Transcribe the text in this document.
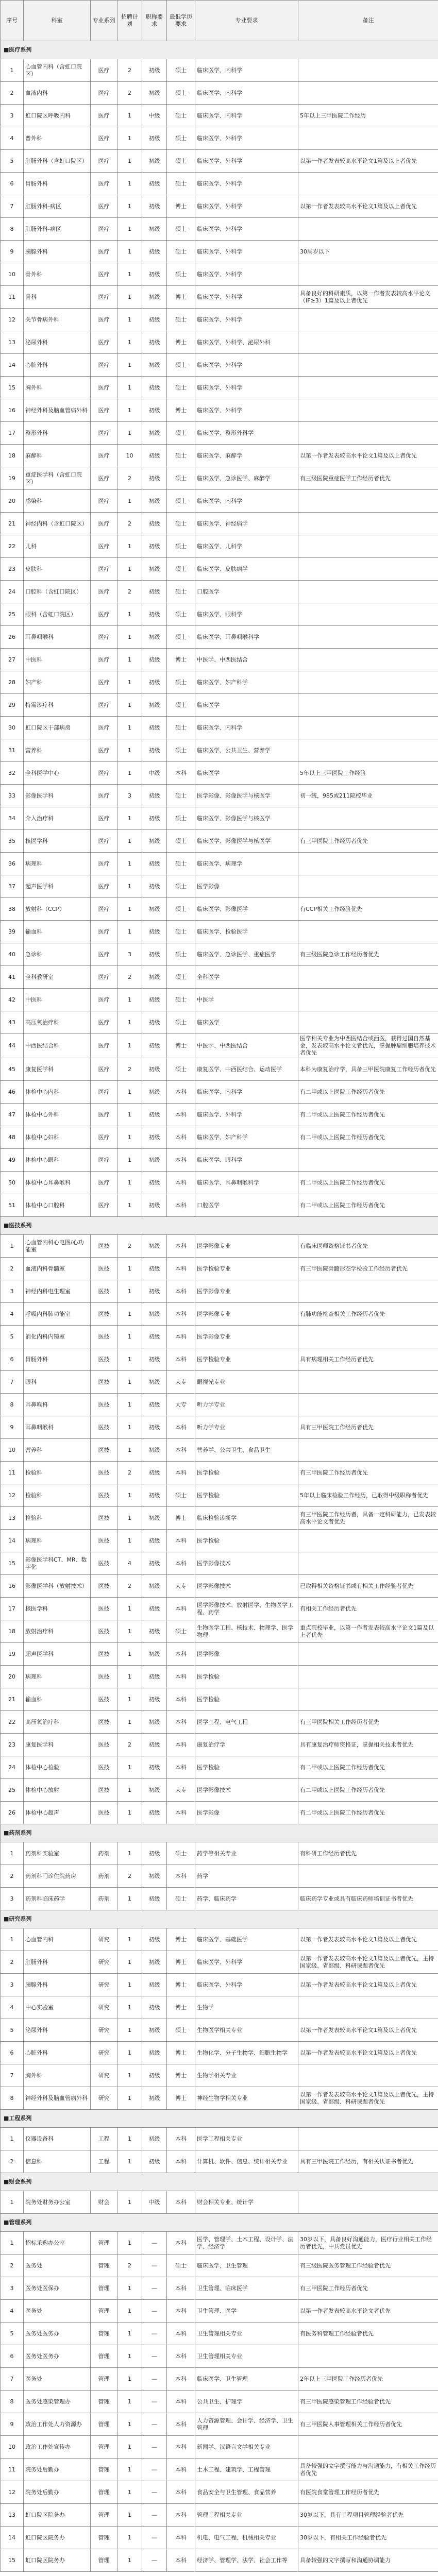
序号	科室	专业系列	招聘计划	职称要求	最低学历要求	专业要求	备注
■医疗系列							
1	心血管内科（含虹口院区）	医疗	2	初级	硕士	临床医学、内科学	
2	血液内科	医疗	2	初级	硕士	临床医学、内科学	
3	虹口院区呼吸内科	医疗	1	中级	硕士	临床医学、内科学	5年以上三甲医院工作经历
4	普外科	医疗	1	初级	硕士	临床医学、外科学	
5	肛肠外科（含虹口院区）	医疗	1	初级	硕士	临床医学、外科学	以第一作者发表较高水平论文1篇及以上者优先
6	胃肠外科	医疗	1	初级	硕士	临床医学、外科学	
7	肛肠外科-病区	医疗	1	初级	博士	临床医学、外科学	以第一作者发表较高水平论文1篇及以上者优先
8	肛肠外科-病区	医疗	1	初级	硕士	临床医学、外科学	
9	胰腺外科	医疗	1	初级	硕士	临床医学、外科学	30周岁以下
10	骨外科	医疗	1	初级	硕士	临床医学、外科学	
11	骨科	医疗	1	初级	博士	临床医学、外科学	具备良好的科研素质，以第一作者发表较高水平论文（IF≥3）1篇及以上者优先
12	关节骨病外科	医疗	1	初级	硕士	临床医学、外科学	
13	泌尿外科	医疗	1	初级	博士	临床医学、外科学、泌尿外科	
14	心脏外科	医疗	1	初级	硕士	临床医学、外科学	
15	胸外科	医疗	1	初级	硕士	临床医学、外科学	
16	神经外科及脑血管病外科	医疗	1	初级	博士	临床医学、外科学	
17	整形外科	医疗	1	初级	硕士	临床医学、整形外科学	
18	麻醉科	医疗	10	初级	硕士	临床医学、麻醉学	以第一作者发表较高水平论文1篇及以上者优先
19	重症医学科（含虹口院区）	医疗	2	初级	硕士	临床医学、急诊医学、麻醉学	有三级医院重症医学工作经历者优先
20	感染科	医疗	1	初级	硕士	临床医学、内科学	
21	神经内科（含虹口院区）	医疗	2	初级	硕士	临床医学、神经病学	
22	儿科	医疗	1	初级	硕士	临床医学、儿科学	
23	皮肤科	医疗	1	初级	硕士	临床医学、皮肤病学	
24	口腔科（含虹口院区）	医疗	2	初级	硕士	口腔医学	
25	眼科（含虹口院区）	医疗	1	初级	硕士	临床医学、眼科学	
26	耳鼻咽喉科	医疗	1	初级	硕士	临床医学、耳鼻咽喉科学	
27	中医科	医疗	1	初级	博士	中医学、中西医结合	
28	妇产科	医疗	1	初级	硕士	临床医学、妇产科学	
29	特需诊疗科	医疗	1	初级	硕士	临床医学	
30	虹口院区干部病房	医疗	1	初级	硕士	临床医学、内科学	
31	营养科	医疗	1	初级	硕士	临床医学、公共卫生、营养学	
32	全科医学中心	医疗	1	中级	本科	临床医学	5年以上三甲医院工作经验
33	影像医学科	医疗	3	初级	硕士	医学影像、影像医学与核医学	初一统，985或211院校毕业
34	介入治疗科	医疗	1	初级	硕士	临床医学、影像医学与核医学	
35	核医学科	医疗	1	初级	硕士	临床医学、影像医学与核医学	有三甲医院工作经历者优先
36	病理科	医疗	1	初级	硕士	临床医学、病理学	
37	超声医学科	医疗	1	初级	硕士	医学影像	
38	放射科（CCP）	医疗	1	初级	硕士	临床医学、影像医学	有CCP相关工作经验优先
39	输血科	医疗	1	初级	硕士	临床医学、检验医学	
40	急诊科	医疗	3	初级	硕士	临床医学、急诊医学、重症医学	有三级医院急诊工作经历者优先
41	全科教研室	医疗	2	初级	硕士	全科医学	
42	中医科	医疗	1	初级	硕士	中医学	
43	高压氧治疗科	医疗	1	初级	硕士	临床医学	
44	中西医结合科	医疗	1	初级	博士	中医学、中西医结合	医学相关专业为中西医结合或西医，获得过国自然基金，发表较高水平论文者优先，掌握肿瘤细胞培养技术者优先
45	康复医学科	医疗	2	初级	硕士	康复医学、中西医结合、运动医学	本科为康复治疗学，具备三甲医院康复工作经历者优先
46	体检中心内科	医疗	1	初级	本科	临床医学、内科学	有二甲或以上医院工作经历者优先
47	体检中心外科	医疗	1	初级	本科	临床医学、外科学	有二甲或以上医院工作经历者优先
48	体检中心妇科	医疗	1	初级	本科	临床医学、妇产科学	有二甲或以上医院工作经历者优先
49	体检中心眼科	医疗	1	初级	本科	临床医学、眼科学	
50	体检中心耳鼻喉科	医疗	1	初级	本科	临床医学、耳鼻咽喉科学	有二甲或以上医院工作经历者优先
51	体检中心口腔科	医疗	1	初级	本科	口腔医学	有二甲或以上医院工作经历者优先
■医技系列							
1	心血管内科心电图/心功能室	医技	2	初级	本科	医学影像专业	有临床医师资格证书者优先
2	血液内科骨髓室	医技	1	初级	本科	医学检验专业	有三甲医院骨髓形态学检验工作经历者优先
3	神经内科电生理室	医技	1	初级	本科	医学影像专业	
4	呼吸内科肺功能室	医技	1	初级	本科	医学影像专业	有肺功能检查相关工作经历者优先
5	消化内科内镜室	医技	1	初级	本科	医学影像专业	
6	胃肠外科	医技	1	初级	本科	医学检验专业	具有病理相关工作经历者优先
7	眼科	医技	1	初级	大专	眼视光专业	
8	耳鼻喉科	医技	1	初级	大专	听力学专业	
9	耳鼻咽喉科	医技	1	初级	本科	听力学专业	具有三甲医院工作经历者优先
10	营养科	医技	1	初级	本科	营养学、公共卫生、食品卫生	
11	检验科	医技	2	初级	本科	医学检验	有三甲医院工作经历者优先
12	检验科	医技	1	初级	硕士	医学检验	5年以上临床检验工作经历，已取得中级职称者优先
13	检验科	医技	1	初级	博士	临床检验诊断学	有三甲医院工作经历者，具备一定科研能力，已发表较高水平论文者优先
14	病理科	医技	1	初级	本科	医学检验	
15	影像医学科CT、MR、数字化	医技	4	初级	本科	医学影像技术	
16	影像医学科（放射技术）	医技	2	初级	大专	医学影像技术	已取得相关资格证书或有相关工作经验者优先
17	核医学科	医技	1	初级	本科	医学影像技术、放射医学、生物医学工程、药学	有相关工作经历者优先
18	放射治疗科	医技	1	初级	硕士	生物医学工程、核技术、物理学、医学物理	重点院校毕业，以第一作者发表较高水平论文1篇及以上者优先
19	超声医学科	医技	1	初级	本科	医学影像	
20	病理科	医技	1	初级	本科	医学检验	
21	输血科	医技	1	初级	本科	医学检验	
22	高压氧治疗科	医技	1	初级	本科	医学工程、电气工程	有三甲医院相关工作经历者优先
23	康复医学科	医技	2	初级	本科	康复治疗学	具有康复治疗师资格证，掌握相关技术者优先
24	体检中心检验	医技	1	初级	本科	医学检验	有二甲或以上医院工作经历者优先
25	体检中心放射	医技	1	初级	大专	医学影像技术	有二甲或以上医院工作经历者优先
26	体检中心超声	医技	1	初级	本科	医学影像	有二甲或以上医院工作经历者优先
■药剂系列							
1	药剂科实验室	药剂	1	初级	硕士	药学等相关专业	有科研工作经历者优先
2	药剂科门诊住院药房	药剂	2	初级	本科	药学	
3	药剂科临床药学	药剂	1	初级	硕士	药学、临床药学	临床药学专业或具有临床药师培训证书者优先
■研究系列							
1	心血管内科	研究	1	初级	博士	临床医学、基础医学	以第一作者发表较高水平论文1篇及以上者优先
2	肛肠外科	研究	1	初级	博士	临床医学、外科学	以第一作者发表较高水平论文1篇及以上者优先，主持国家级、省部级、科研课题者优先
3	胰腺外科	研究	1	初级	博士	临床医学、外科学	以第一作者发表较高水平论文1篇及以上者优先
4	中心实验室	研究	1	初级	博士	生物学	
5	泌尿外科	研究	1	初级	硕士	生物医学相关专业	以第一作者发表较高水平论文1篇及以上者优先
6	心脏外科	研究	1	初级	博士	生物化学、分子生物学、细胞生物学	以第一作者发表较高水平论文1篇及以上者优先
7	胸外科	研究	1	初级	博士	生物学相关专业	
8	神经外科及脑血管病外科	研究	1	初级	博士	神经生物学相关专业	以第一作者发表较高水平论文1篇及以上者优先，主持国家级、省部级、科研课题者优先
■工程系列							
1	仪器设备科	工程	1	初级	本科	医学工程相关专业	
2	信息科	工程	1	初级	本科	计算机、软件、信息、统计相关专业	具有三甲医院工作经历，有相关认证书者优先
■财会系列							
1	院务处财务办公室	财会	1	中级	本科	财会相关专业、统计学	
■管理系列							
1	招标采购办公室	管理	1	—	本科	医学、管理学、土木工程、设计学、法学、经济学	30岁以下，具备良好沟通能力，医疗行业相关工作经历者优先，中共党员优先
2	医务处	管理	2	—	硕士	临床医学、卫生管理	有三级医院医务管理工作经验者优先
3	医务处医保办	管理	1	—	本科	卫生管理、临床医学	有三甲医院工作经历者优先
4	医务处	管理	1	—	本科	卫生管理、医学	以第一作者发表较高水平论文者优先
5	医务处医务办	管理	1	—	本科	卫生管理相关专业	有医务科管理工作经验者优先
6	医务处医务办	管理	1	—	本科	卫生管理相关专业	
7	医务处	管理	1	—	本科	临床医学、卫生管理	2年以上三甲医院工作经历者优先
8	医务处感染管理办	管理	1	—	本科	公共卫生、护理学	有三甲医院感染管理工作经验者优先
9	政治工作处人力资源办	管理	1	—	本科	人力资源管理、会计学、经济学、卫生管理	有三甲医院人事管理相关工作经历者优先
10	政治工作处宣传办	管理	1	—	本科	新闻学、汉语言文学相关专业	
11	院务处后勤办	管理	1	—	本科	土木工程、建筑学、工程管理	具备较强的文字撰写能力与沟通能力，有相关工作经历者优先
12	院务处后勤办	管理	1	—	本科	食品安全与卫生管理、食品营养	有医院食堂管理工作经历者优先
13	虹口院区院务办	管理	1	—	本科	管理工程相关专业	30岁以下，具有工程项目管理经验者优先
14	虹口院区院务办	管理	1	—	本科	机电、电气工程、机械相关专业	30岁以下，有相关工作经验者优先
15	虹口院区院务办	管理	1	—	本科	经济学、管理学、法学、社会工作等	具备较强的文字撰写和沟通协调能力
